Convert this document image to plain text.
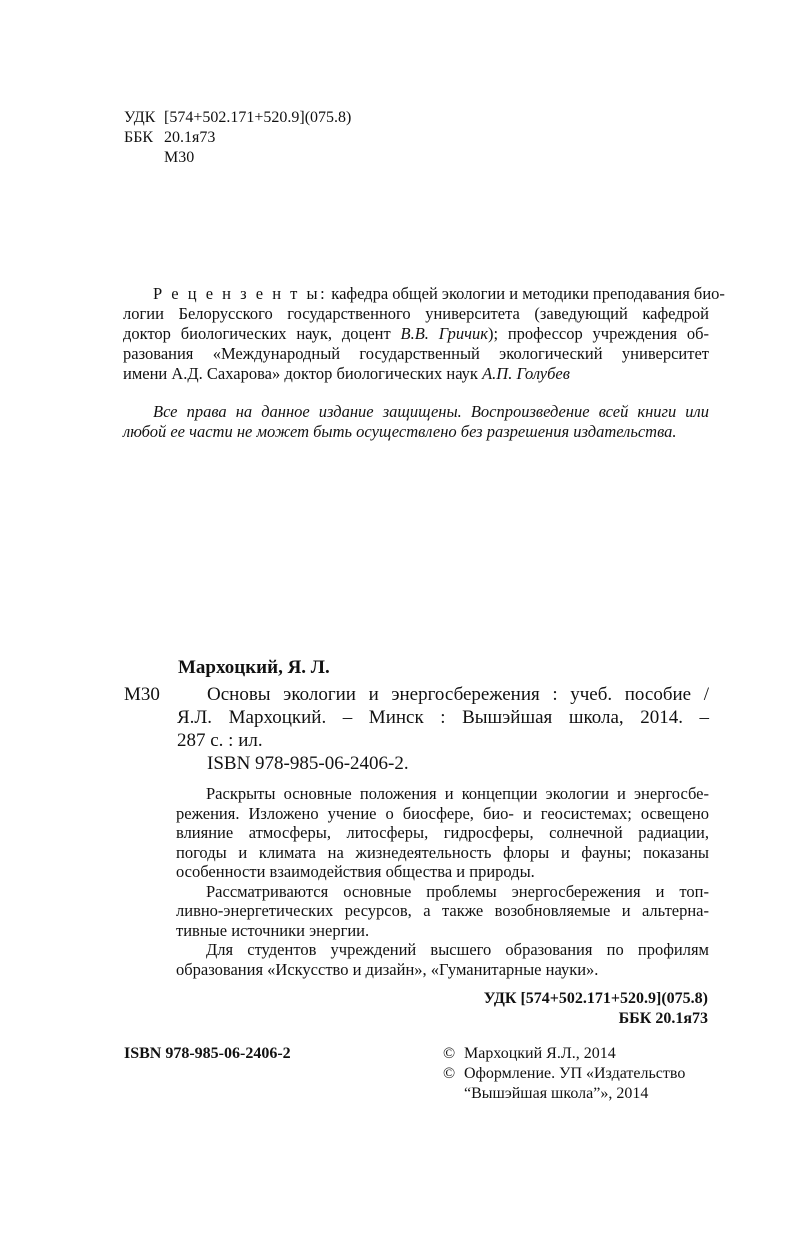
УДК [574+502.171+520.9](075.8)
ББК 20.1я73
М30
Р е ц е н з е н т ы: кафедра общей экологии и методики преподавания био-
логии Белорусского государственного университета (заведующий кафедрой
доктор биологических наук, доцент В.В. Гричик); профессор учреждения об-
разования «Международный государственный экологический университет
имени А.Д. Сахарова» доктор биологических наук А.П. Голубев
Все права на данное издание защищены. Воспроизведение всей книги или
любой ее части не может быть осуществлено без разрешения издательства.
Мархоцкий, Я. Л.
М30	Основы экологии и энергосбережения : учеб. пособие /
Я.Л. Мархоцкий. – Минск : Вышэйшая школа, 2014. –
287 с. : ил.
ISBN 978-985-06-2406-2.
Раскрыты основные положения и концепции экологии и энергосбе-
режения. Изложено учение о биосфере, био- и геосистемах; освещено
влияние атмосферы, литосферы, гидросферы, солнечной радиации,
погоды и климата на жизнедеятельность флоры и фауны; показаны
особенности взаимодействия общества и природы.
Рассматриваются основные проблемы энергосбережения и топ-
ливно-энергетических ресурсов, а также возобновляемые и альтерна-
тивные источники энергии.
Для студентов учреждений высшего образования по профилям
образования «Искусство и дизайн», «Гуманитарные науки».
УДК [574+502.171+520.9](075.8)
ББК 20.1я73
ISBN 978-985-06-2406-2	© Мархоцкий Я.Л., 2014
© Оформление. УП «Издательство
“Вышэйшая школа”», 2014
